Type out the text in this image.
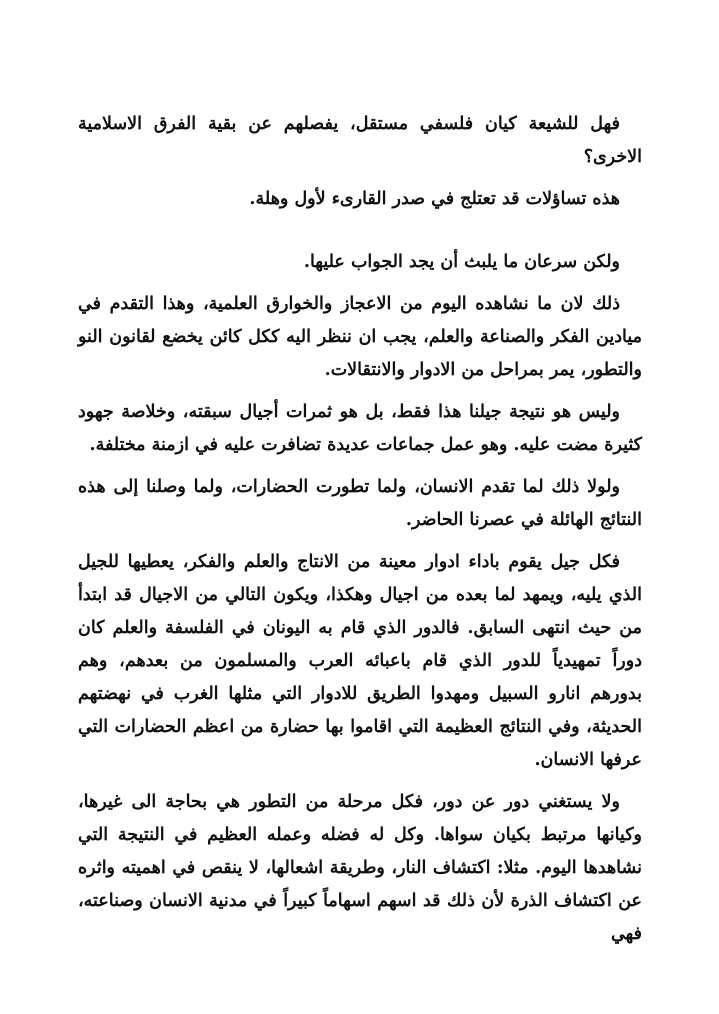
فهل للشيعة كيان فلسفي مستقل، يفصلهم عن بقية الفرق الاسلامية الاخرى؟

هذه تساؤلات قد تعتلج في صدر القارىء لأول وهلة.

ولكن سرعان ما يلبث أن يجد الجواب عليها.

ذلك لان ما نشاهده اليوم من الاعجاز والخوارق العلمية، وهذا التقدم في ميادين الفكر والصناعة والعلم، يجب ان ننظر اليه ككل كائن يخضع لقانون النو والتطور، يمر بمراحل من الادوار والانتقالات.

وليس هو نتيجة جيلنا هذا فقط، بل هو ثمرات أجيال سبقته، وخلاصة جهود كثيرة مضت عليه. وهو عمل جماعات عديدة تضافرت عليه في ازمنة مختلفة.

ولولا ذلك لما تقدم الانسان، ولما تطورت الحضارات، ولما وصلنا إلى هذه النتائج الهائلة في عصرنا الحاضر.

فكل جيل يقوم باداء ادوار معينة من الانتاج والعلم والفكر، يعطيها للجيل الذي يليه، ويمهد لما بعده من اجيال وهكذا، ويكون التالي من الاجيال قد ابتدأ من حيث انتهى السابق. فالدور الذي قام به اليونان في الفلسفة والعلم كان دوراً تمهيدياً للدور الذي قام باعبائه العرب والمسلمون من بعدهم، وهم بدورهم انارو السبيل ومهدوا الطريق للادوار التي مثلها الغرب في نهضتهم الحديثة، وفي النتائج العظيمة التي اقاموا بها حضارة من اعظم الحضارات التي عرفها الانسان.

ولا يستغني دور عن دور، فكل مرحلة من التطور هي بحاجة الى غيرها، وكيانها مرتبط بكيان سواها. وكل له فضله وعمله العظيم في النتيجة التي نشاهدها اليوم. مثلا: اكتشاف النار، وطريقة اشعالها، لا ينقص في اهميته واثره عن اكتشاف الذرة لأن ذلك قد اسهم اسهاماً كبيراً في مدنية الانسان وصناعته، فهي
